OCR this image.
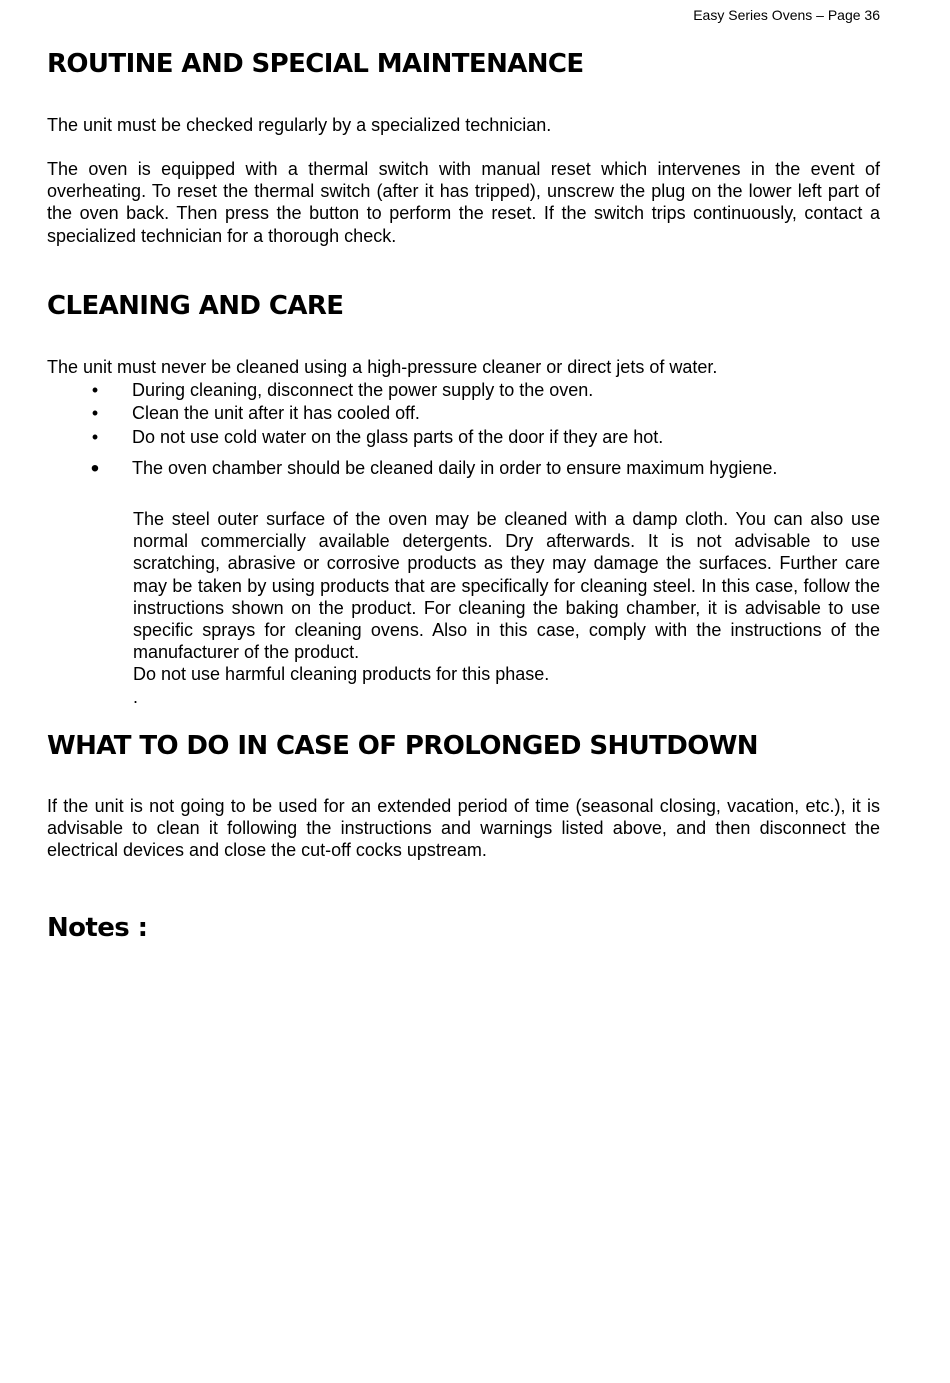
Easy Series Ovens – Page 36
ROUTINE AND SPECIAL MAINTENANCE

The unit must be checked regularly by a specialized technician.

The oven is equipped with a thermal switch with manual reset which intervenes in the event of overheating. To reset the thermal switch (after it has tripped), unscrew the plug on the lower left part of the oven back. Then press the button to perform the reset. If the switch trips continuously, contact a specialized technician for a thorough check.

CLEANING AND CARE

The unit must never be cleaned using a high-pressure cleaner or direct jets of water.

• During cleaning, disconnect the power supply to the oven.
• Clean the unit after it has cooled off.
• Do not use cold water on the glass parts of the door if they are hot.
• The oven chamber should be cleaned daily in order to ensure maximum hygiene.

The steel outer surface of the oven may be cleaned with a damp cloth. You can also use normal commercially available detergents. Dry afterwards. It is not advisable to use scratching, abrasive or corrosive products as they may damage the surfaces. Further care may be taken by using products that are specifically for cleaning steel. In this case, follow the instructions shown on the product. For cleaning the baking chamber, it is advisable to use specific sprays for cleaning ovens. Also in this case, comply with the instructions of the manufacturer of the product.

Do not use harmful cleaning products for this phase.

.

WHAT TO DO IN CASE OF PROLONGED SHUTDOWN

If the unit is not going to be used for an extended period of time (seasonal closing, vacation, etc.), it is advisable to clean it following the instructions and warnings listed above, and then disconnect the electrical devices and close the cut-off cocks upstream.

Notes :
